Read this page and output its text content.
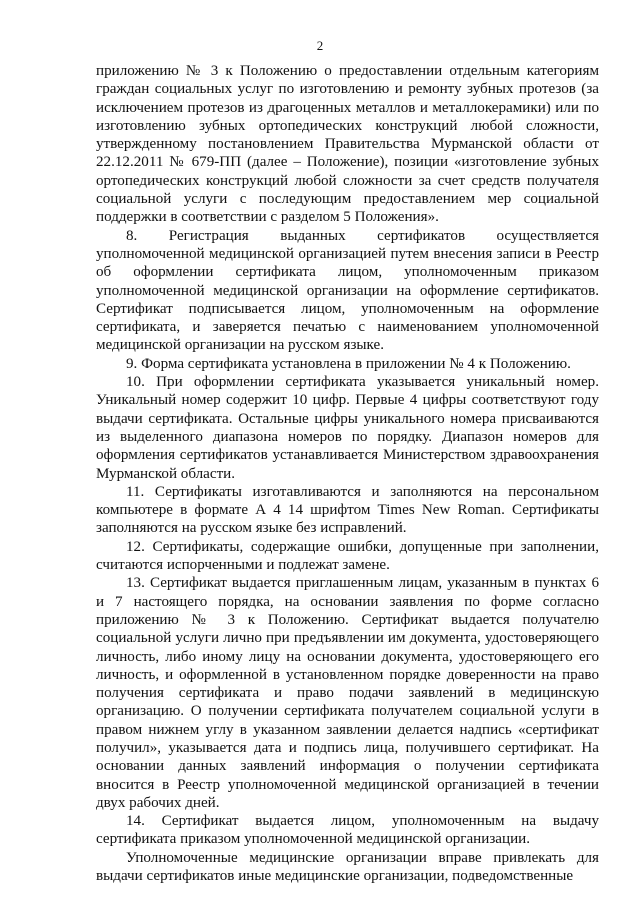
2

приложению № 3 к Положению о предоставлении отдельным категориям граждан социальных услуг по изготовлению и ремонту зубных протезов (за исключением протезов из драгоценных металлов и металлокерамики) или по изготовлению зубных ортопедических конструкций любой сложности, утвержденному постановлением Правительства Мурманской области от 22.12.2011 № 679-ПП (далее – Положение), позиции «изготовление зубных ортопедических конструкций любой сложности за счет средств получателя социальной услуги с последующим предоставлением мер социальной поддержки в соответствии с разделом 5 Положения».

8. Регистрация выданных сертификатов осуществляется уполномоченной медицинской организацией путем внесения записи в Реестр об оформлении сертификата лицом, уполномоченным приказом уполномоченной медицинской организации на оформление сертификатов. Сертификат подписывается лицом, уполномоченным на оформление сертификата, и заверяется печатью с наименованием уполномоченной медицинской организации на русском языке.

9. Форма сертификата установлена в приложении № 4 к Положению.

10. При оформлении сертификата указывается уникальный номер. Уникальный номер содержит 10 цифр. Первые 4 цифры соответствуют году выдачи сертификата. Остальные цифры уникального номера присваиваются из выделенного диапазона номеров по порядку. Диапазон номеров для оформления сертификатов устанавливается Министерством здравоохранения Мурманской области.

11. Сертификаты изготавливаются и заполняются на персональном компьютере в формате А 4 14 шрифтом Times New Roman. Сертификаты заполняются на русском языке без исправлений.

12. Сертификаты, содержащие ошибки, допущенные при заполнении, считаются испорченными и подлежат замене.

13. Сертификат выдается приглашенным лицам, указанным в пунктах 6 и 7 настоящего порядка, на основании заявления по форме согласно приложению № 3 к Положению. Сертификат выдается получателю социальной услуги лично при предъявлении им документа, удостоверяющего личность, либо иному лицу на основании документа, удостоверяющего его личность, и оформленной в установленном порядке доверенности на право получения сертификата и право подачи заявлений в медицинскую организацию. О получении сертификата получателем социальной услуги в правом нижнем углу в указанном заявлении делается надпись «сертификат получил», указывается дата и подпись лица, получившего сертификат. На основании данных заявлений информация о получении сертификата вносится в Реестр уполномоченной медицинской организацией в течении двух рабочих дней.

14. Сертификат выдается лицом, уполномоченным на выдачу сертификата приказом уполномоченной медицинской организации.

Уполномоченные медицинские организации вправе привлекать для выдачи сертификатов иные медицинские организации, подведомственные
